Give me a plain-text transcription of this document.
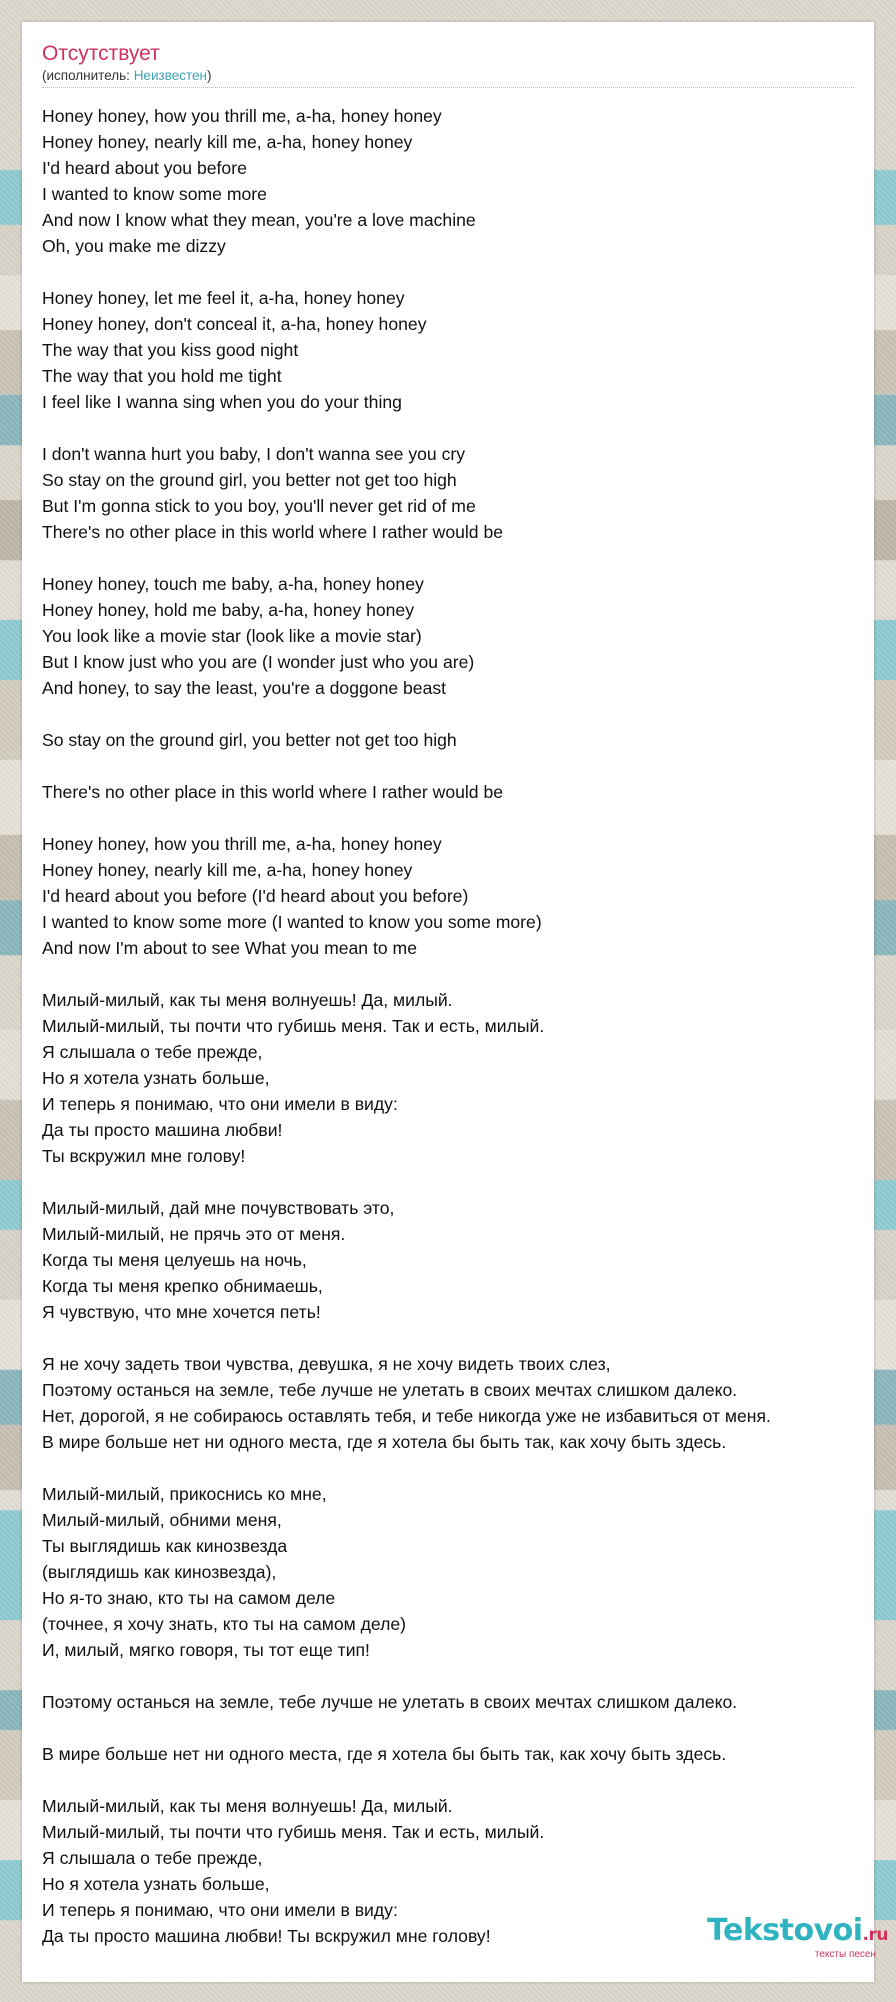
Отсутствует
(исполнитель: Неизвестен)
Honey honey, how you thrill me, a-ha, honey honey
Honey honey, nearly kill me, a-ha, honey honey
I'd heard about you before
I wanted to know some more
And now I know what they mean, you're a love machine
Oh, you make me dizzy
Honey honey, let me feel it, a-ha, honey honey
Honey honey, don't conceal it, a-ha, honey honey
The way that you kiss good night
The way that you hold me tight
I feel like I wanna sing when you do your thing
I don't wanna hurt you baby, I don't wanna see you cry
So stay on the ground girl, you better not get too high
But I'm gonna stick to you boy, you'll never get rid of me
There's no other place in this world where I rather would be
Honey honey, touch me baby, a-ha, honey honey
Honey honey, hold me baby, a-ha, honey honey
You look like a movie star (look like a movie star)
But I know just who you are (I wonder just who you are)
And honey, to say the least, you're a doggone beast
So stay on the ground girl, you better not get too high
There's no other place in this world where I rather would be
Honey honey, how you thrill me, a-ha, honey honey
Honey honey, nearly kill me, a-ha, honey honey
I'd heard about you before (I'd heard about you before)
I wanted to know some more (I wanted to know you some more)
And now I'm about to see What you mean to me
Милый-милый, как ты меня волнуешь! Да, милый.
Милый-милый, ты почти что губишь меня. Так и есть, милый.
Я слышала о тебе прежде,
Но я хотела узнать больше,
И теперь я понимаю, что они имели в виду:
Да ты просто машина любви!
Ты вскружил мне голову!
Милый-милый, дай мне почувствовать это,
Милый-милый, не прячь это от меня.
Когда ты меня целуешь на ночь,
Когда ты меня крепко обнимаешь,
Я чувствую, что мне хочется петь!
Я не хочу задеть твои чувства, девушка, я не хочу видеть твоих слез,
Поэтому останься на земле, тебе лучше не улетать в своих мечтах слишком далеко.
Нет, дорогой, я не собираюсь оставлять тебя, и тебе никогда уже не избавиться от меня.
В мире больше нет ни одного места, где я хотела бы быть так, как хочу быть здесь.
Милый-милый, прикоснись ко мне,
Милый-милый, обними меня,
Ты выглядишь как кинозвезда
(выглядишь как кинозвезда),
Но я-то знаю, кто ты на самом деле
(точнее, я хочу знать, кто ты на самом деле)
И, милый, мягко говоря, ты тот еще тип!
Поэтому останься на земле, тебе лучше не улетать в своих мечтах слишком далеко.
В мире больше нет ни одного места, где я хотела бы быть так, как хочу быть здесь.
Милый-милый, как ты меня волнуешь! Да, милый.
Милый-милый, ты почти что губишь меня. Так и есть, милый.
Я слышала о тебе прежде,
Но я хотела узнать больше,
И теперь я понимаю, что они имели в виду:
Да ты просто машина любви! Ты вскружил мне голову!	Tekstovoi.ru
тексты песен
